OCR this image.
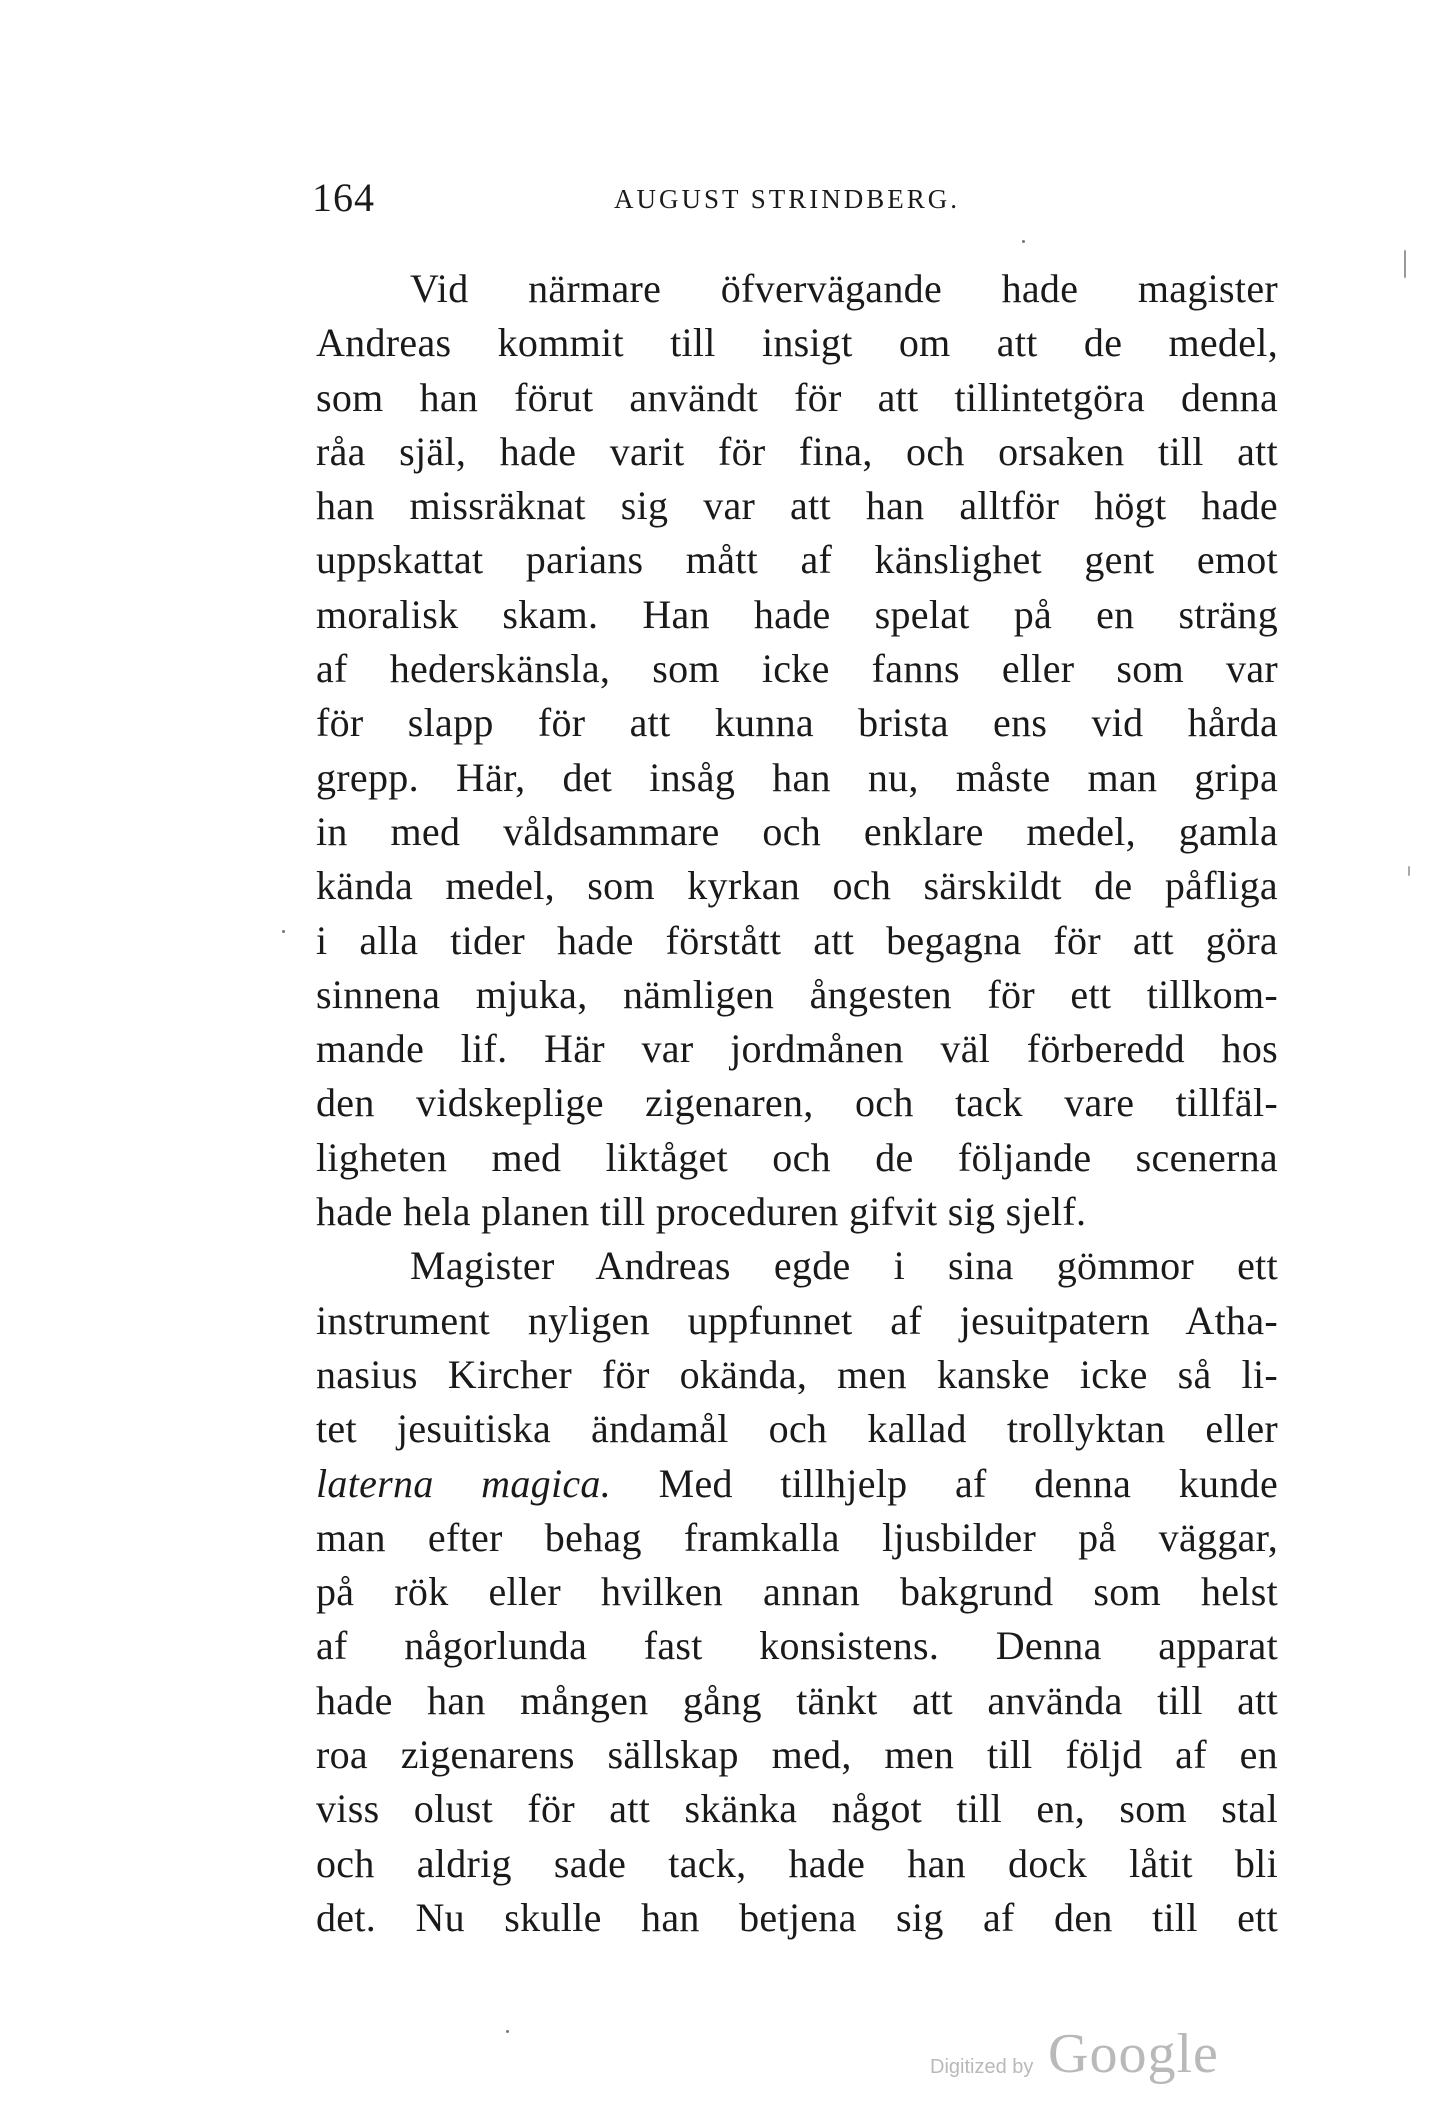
164	AUGUST STRINDBERG.
Vid närmare öfvervägande hade magister
Andreas kommit till insigt om att de medel,
som han förut användt för att tillintetgöra denna
råa själ, hade varit för fina, och orsaken till att
han missräknat sig var att han alltför högt hade
uppskattat parians mått af känslighet gent emot
moralisk skam. Han hade spelat på en sträng
af hederskänsla, som icke fanns eller som var
för slapp för att kunna brista ens vid hårda
grepp. Här, det insåg han nu, måste man gripa
in med våldsammare och enklare medel, gamla
kända medel, som kyrkan och särskildt de påfliga
i alla tider hade förstått att begagna för att göra
sinnena mjuka, nämligen ångesten för ett tillkom-
mande lif. Här var jordmånen väl förberedd hos
den vidskeplige zigenaren, och tack vare tillfäl-
ligheten med liktåget och de följande scenerna
hade hela planen till proceduren gifvit sig sjelf.
Magister Andreas egde i sina gömmor ett
instrument nyligen uppfunnet af jesuitpatern Atha-
nasius Kircher för okända, men kanske icke så li-
tet jesuitiska ändamål och kallad trollyktan eller
laterna magica. Med tillhjelp af denna kunde
man efter behag framkalla ljusbilder på väggar,
på rök eller hvilken annan bakgrund som helst
af någorlunda fast konsistens. Denna apparat
hade han mången gång tänkt att använda till att
roa zigenarens sällskap med, men till följd af en
viss olust för att skänka något till en, som stal
och aldrig sade tack, hade han dock låtit bli
det. Nu skulle han betjena sig af den till ett
Digitized by Google
